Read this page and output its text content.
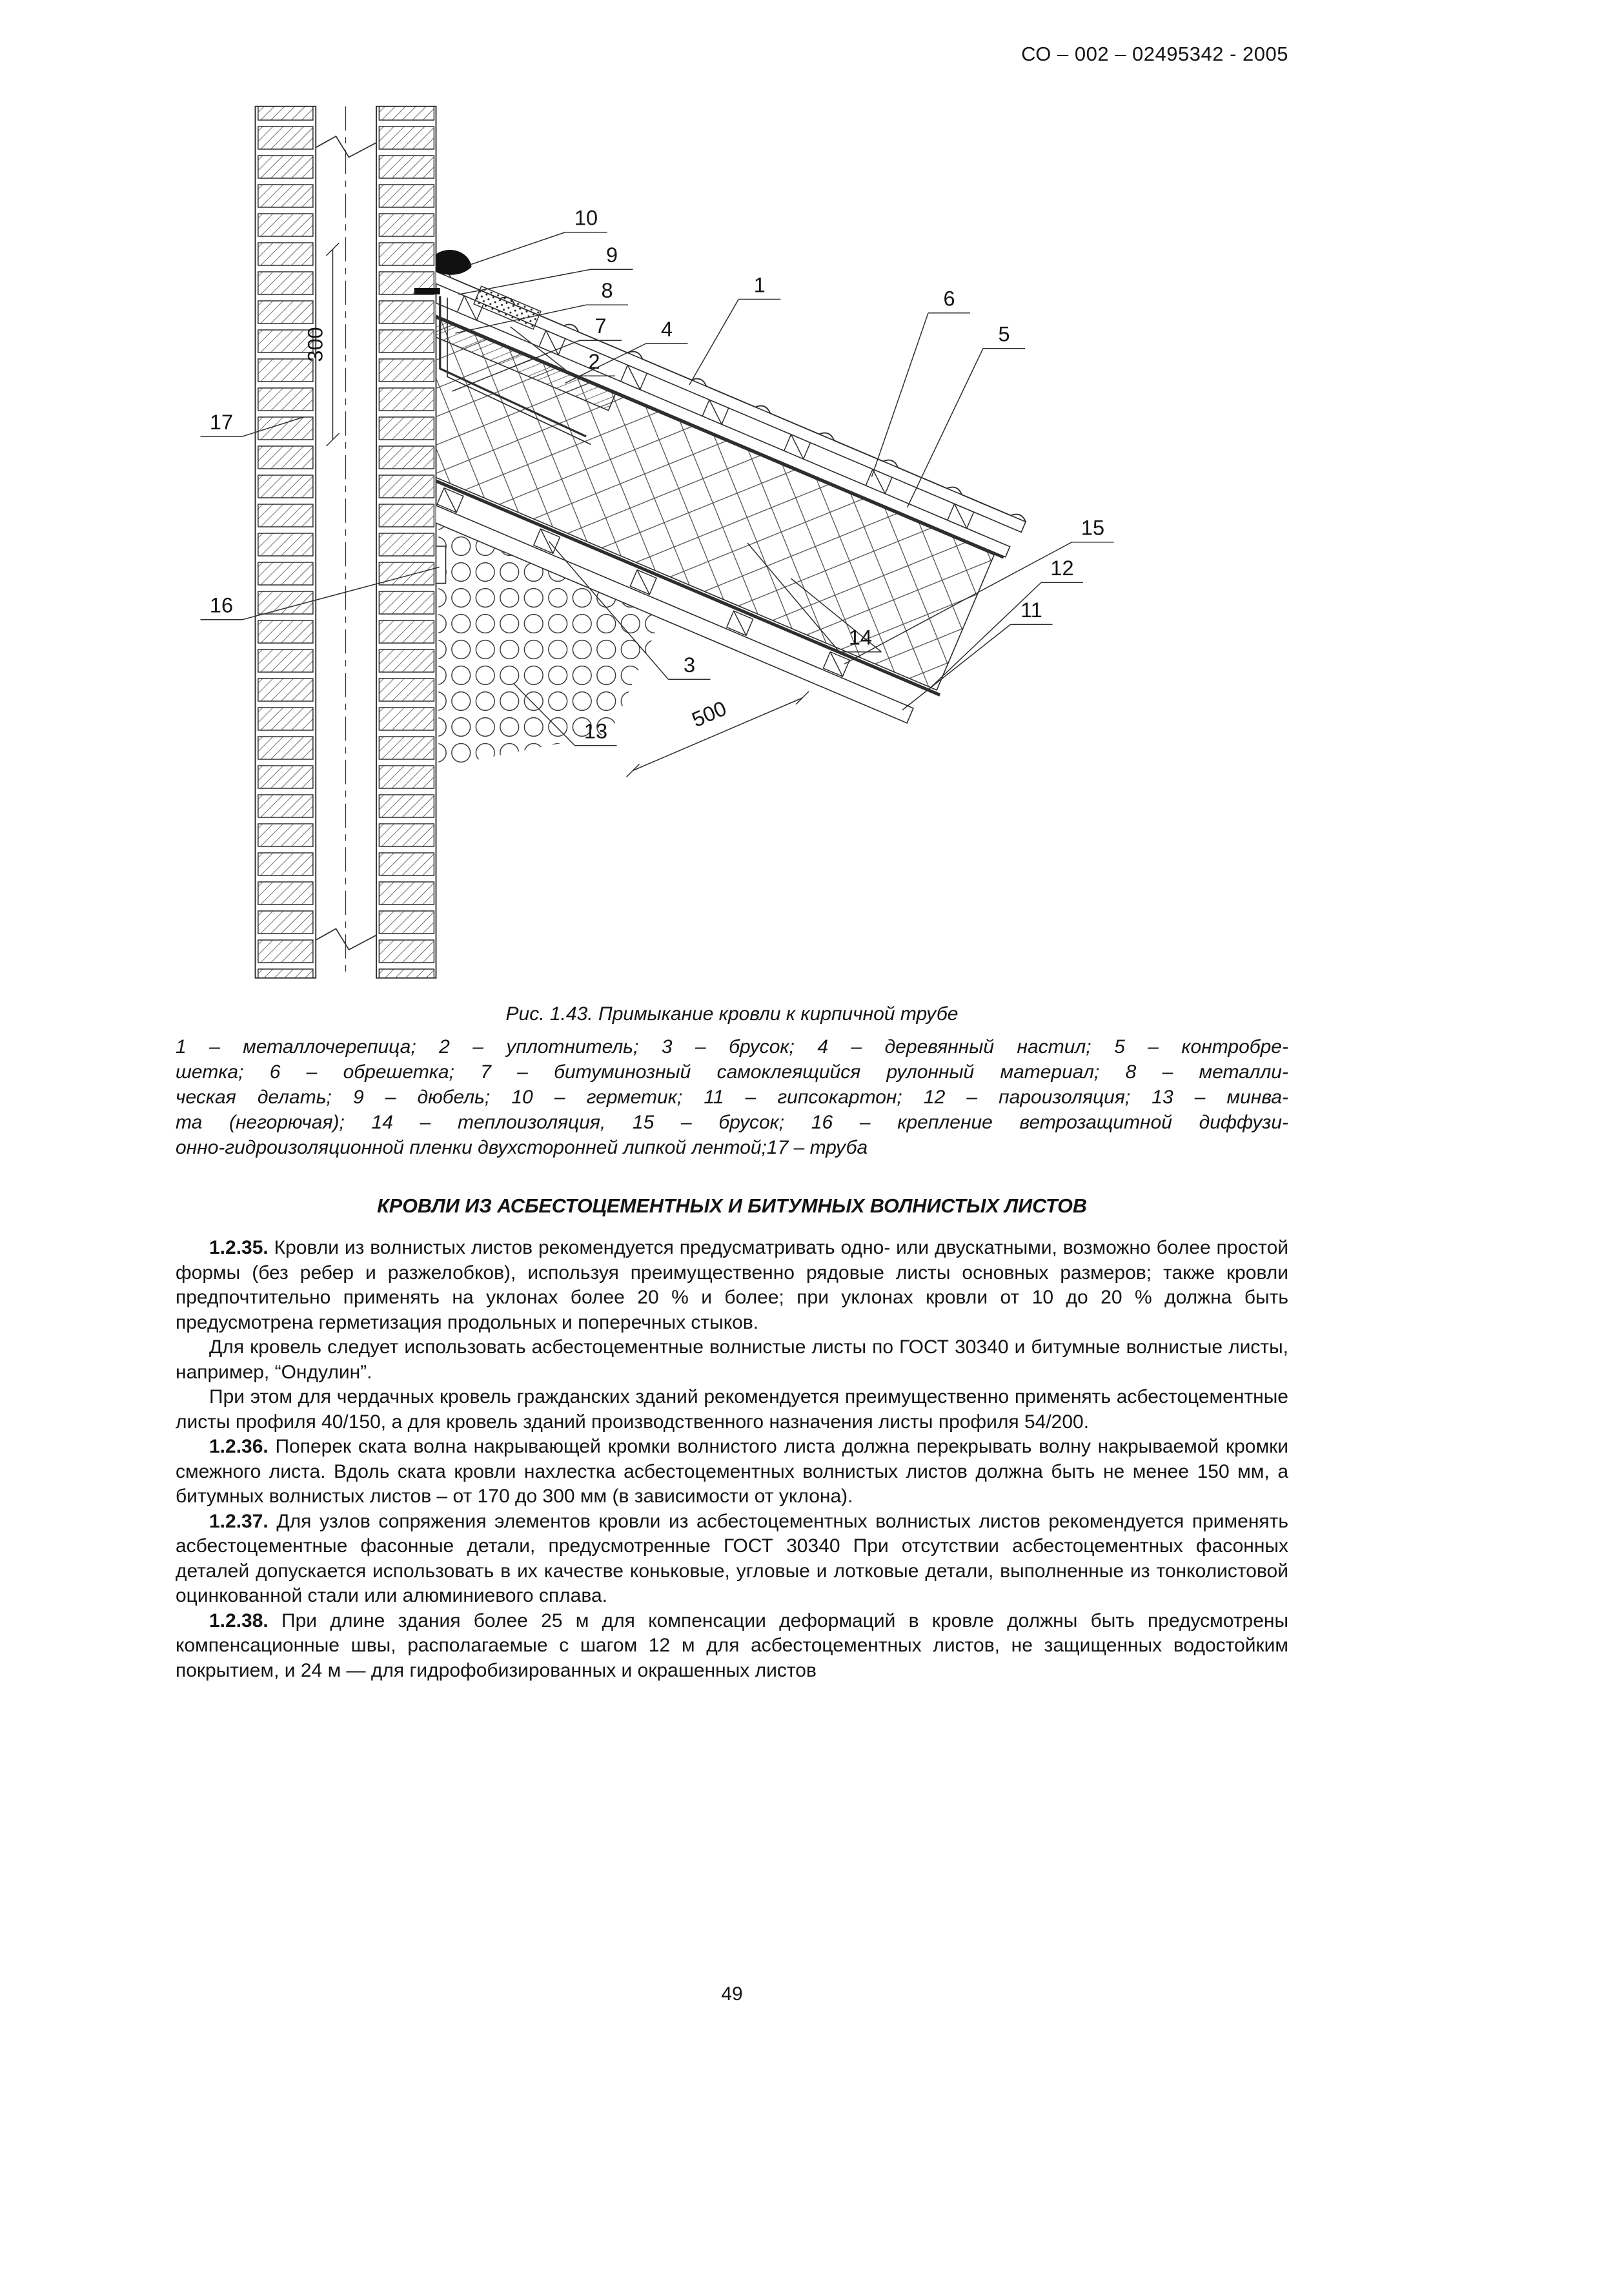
СО – 002 – 02495342 - 2005
300
500
10
9
8
7
2
4
1
6
5
15
12
11
14
3
13
16
17
Рис. 1.43. Примыкание кровли к кирпичной трубе
1 – металлочерепица; 2 – уплотнитель; 3 – брусок; 4 – деревянный настил; 5 – контробре-
шетка; 6 – обрешетка; 7 – битуминозный самоклеящийся рулонный материал; 8 – металли-
ческая делать; 9 – дюбель; 10 – герметик; 11 – гипсокартон; 12 – пароизоляция; 13 – минва-
та (негорючая); 14 – теплоизоляция, 15 – брусок; 16 – крепление ветрозащитной диффузи-
онно-гидроизоляционной пленки двухсторонней липкой лентой;17 – труба
КРОВЛИ ИЗ АСБЕСТОЦЕМЕНТНЫХ И БИТУМНЫХ ВОЛНИСТЫХ ЛИСТОВ

1.2.35. Кровли из волнистых листов рекомендуется предусматривать одно- или двускатными, возможно более простой формы (без ребер и разжелобков), используя преимущественно рядовые листы основных размеров; также кровли предпочтительно применять на уклонах более 20 % и более; при уклонах кровли от 10 до 20 % должна быть предусмотрена герметизация продольных и поперечных стыков.

Для кровель следует использовать асбестоцементные волнистые листы по ГОСТ 30340 и битумные волнистые листы, например, “Ондулин”.

При этом для чердачных кровель гражданских зданий рекомендуется преимущественно применять асбестоцементные листы профиля 40/150, а для кровель зданий производственного назначения листы профиля 54/200.

1.2.36. Поперек ската волна накрывающей кромки волнистого листа должна перекрывать волну накрываемой кромки смежного листа. Вдоль ската кровли нахлестка асбестоцементных волнистых листов должна быть не менее 150 мм, а битумных волнистых листов – от 170 до 300 мм (в зависимости от уклона).

1.2.37. Для узлов сопряжения элементов кровли из асбестоцементных волнистых листов рекомендуется применять асбестоцементные фасонные детали, предусмотренные ГОСТ 30340 При отсутствии асбестоцементных фасонных деталей допускается использовать в их качестве коньковые, угловые и лотковые детали, выполненные из тонколистовой оцинкованной стали или алюминиевого сплава.

1.2.38. При длине здания более 25 м для компенсации деформаций в кровле должны быть предусмотрены компенсационные швы, располагаемые с шагом 12 м для асбестоцементных листов, не защищенных водостойким покрытием, и 24 м — для гидрофобизированных и окрашенных листов

49
